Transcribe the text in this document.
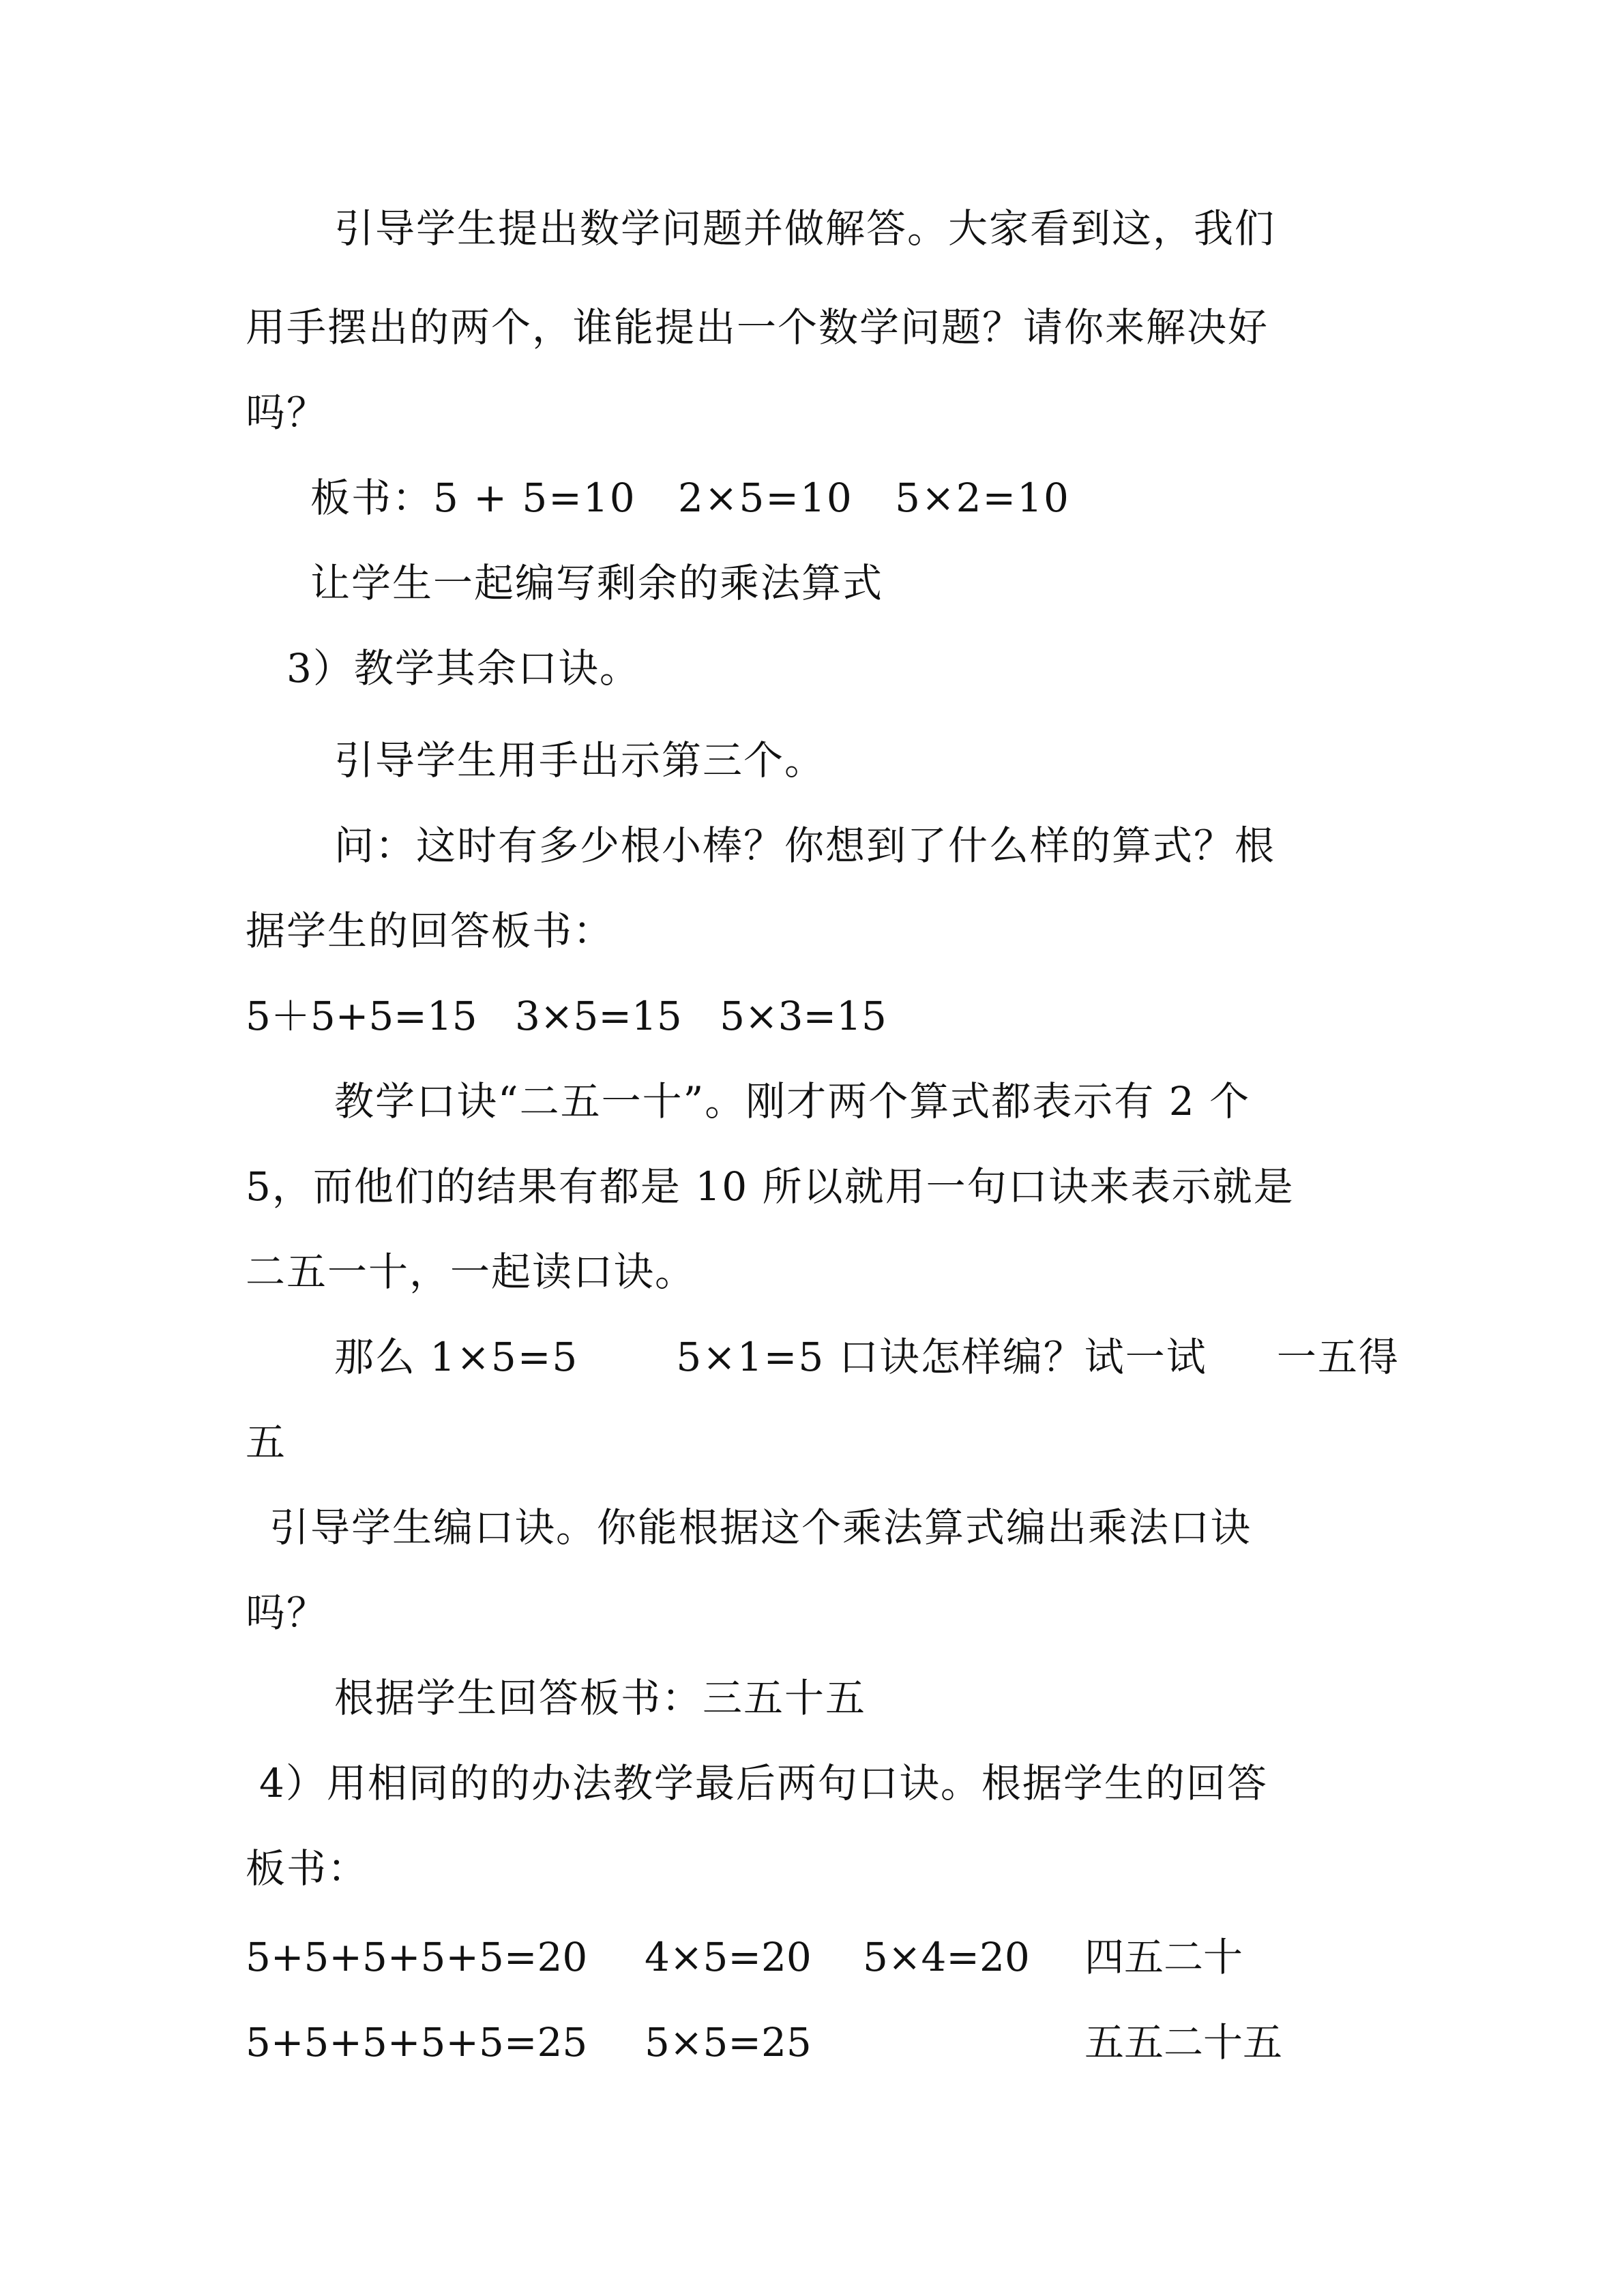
引导学生提出数学问题并做解答。大家看到这，我们
用手摆出的两个，谁能提出一个数学问题？请你来解决好
吗？
板书：5 + 5=10   2×5=10   5×2=10
让学生一起编写剩余的乘法算式
3）教学其余口诀。
引导学生用手出示第三个。
问：这时有多少根小棒？你想到了什么样的算式？根
据学生的回答板书：
5＋5+5=15   3×5=15   5×3=15
教学口诀“二五一十”。刚才两个算式都表示有 2 个
5，而他们的结果有都是 10 所以就用一句口诀来表示就是
二五一十，一起读口诀。
那么 1×5=5       5×1=5 口诀怎样编？试一试     一五得
五
引导学生编口诀。你能根据这个乘法算式编出乘法口诀
吗？
根据学生回答板书：三五十五
4）用相同的的办法教学最后两句口诀。根据学生的回答
板书：
5+5+5+5+5=20 4×5=20 5×4=20 四五二十
5+5+5+5+5=25 5×5=25	五五二十五
